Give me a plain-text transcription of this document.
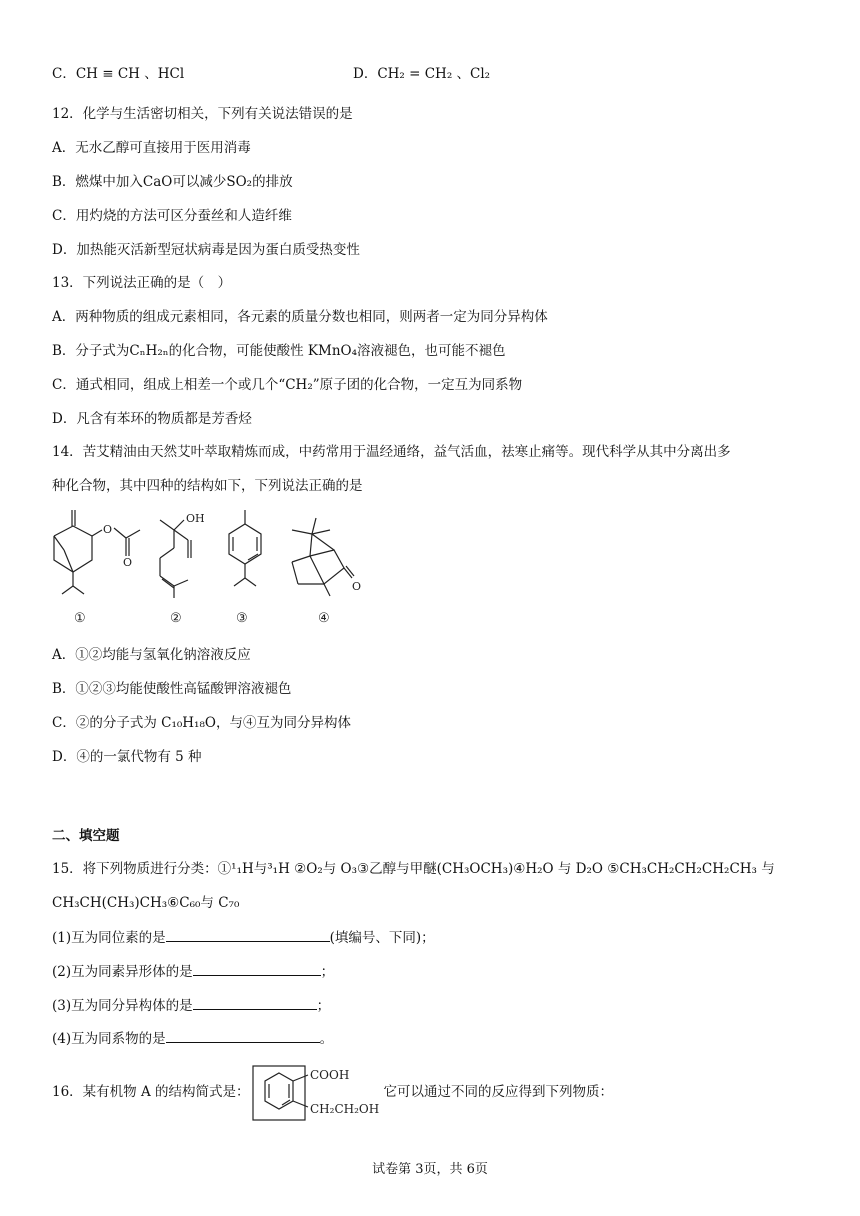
C．CH ≡ CH 、HCl	D．CH₂ = CH₂ 、Cl₂
12．化学与生活密切相关，下列有关说法错误的是
A．无水乙醇可直接用于医用消毒
B．燃煤中加入CaO可以减少SO₂的排放
C．用灼烧的方法可区分蚕丝和人造纤维
D．加热能灭活新型冠状病毒是因为蛋白质受热变性
13．下列说法正确的是（　）
A．两种物质的组成元素相同，各元素的质量分数也相同，则两者一定为同分异构体
B．分子式为CₙH₂ₙ的化合物，可能使酸性 KMnO₄溶液褪色，也可能不褪色
C．通式相同，组成上相差一个或几个“CH₂”原子团的化合物，一定互为同系物
D．凡含有苯环的物质都是芳香烃
14．苦艾精油由天然艾叶萃取精炼而成，中药常用于温经通络，益气活血，祛寒止痛等。现代科学从其中分离出多
种化合物，其中四种的结构如下，下列说法正确的是
O
O
OH
O
①	②	③	④
A．①②均能与氢氧化钠溶液反应
B．①②③均能使酸性高锰酸钾溶液褪色
C．②的分子式为 C₁₀H₁₈O，与④互为同分异构体
D．④的一氯代物有 5 种
二、填空题
15．将下列物质进行分类：①¹₁H与³₁H ②O₂与 O₃③乙醇与甲醚(CH₃OCH₃)④H₂O 与 D₂O ⑤CH₃CH₂CH₂CH₂CH₃ 与
CH₃CH(CH₃)CH₃⑥C₆₀与 C₇₀
(1)互为同位素的是	(填编号、下同)；
(2)互为同素异形体的是	；
(3)互为同分异构体的是	；
(4)互为同系物的是	。
16．某有机物 A 的结构简式是：
COOH
CH₂CH₂OH
它可以通过不同的反应得到下列物质：
试卷第 3页，共 6页
